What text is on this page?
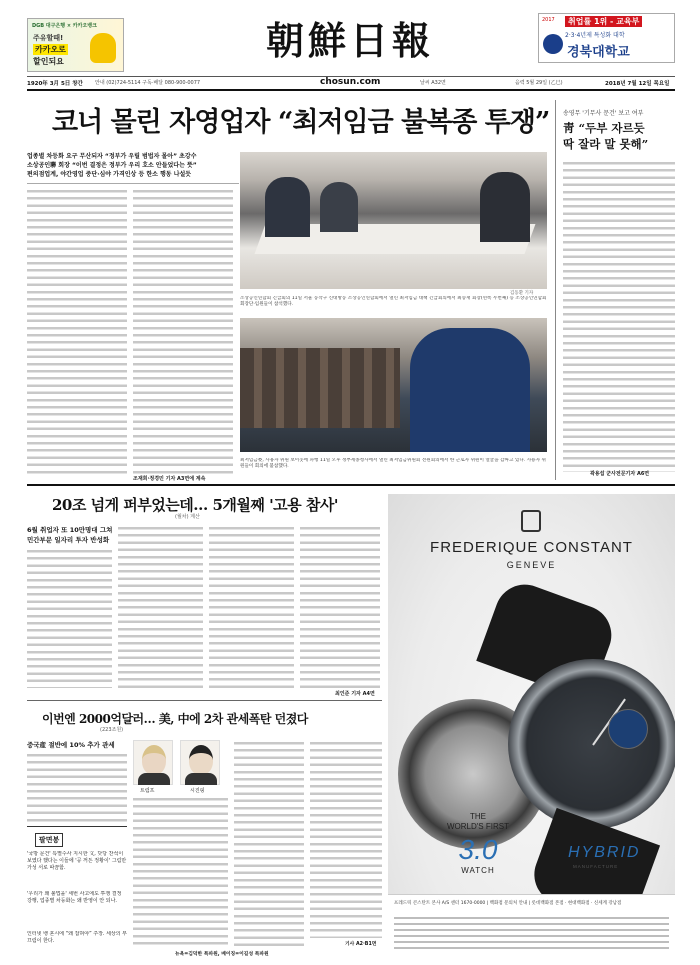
DGB 대구은행 × 카카오뱅크
주유할때!
카카오로
할인되요	朝鮮日報	2017	취업률 1위 - 교육부
2·3·4년제 특성화 대학
경북대학교
1920年 3月 5日 창간 안내 (02)724-5114 구독·배달 080-900-0077	chosun.com	날씨 A32면	음력 5월 29일 (乙巳)	2018년 7월 12일 목요일
코너 몰린 자영업자 “최저임금 불복종 투쟁”
업종별 차등화 요구 무산되자 “정부가 우릴 범법자 몰아” 초강수
소상공인聯 회장 “이번 결정은 정부가 우리 호소 안들었다는 뜻”
편의점업계, 야간영업 중단·심야 가격인상 등 한소 행동 나설듯
조재희·정경민 기자 A3면에 계속
김동환 기자
소상공인연합회 긴급회의 11일 서울 동작구 신대방동 소상공인연합회에서 열린 최저임금 대책 긴급회의에서 최승재 회장(왼쪽 두번째) 등 소상공인연합회 회장단·임원들이 참석했다.
최저임금委, 사용자 위원 보이콧에 파행 11일 오후 정부세종청사에서 열린 최저임금위원회 전원회의에서 한 근로자 위원이 얼굴을 감싸고 있다. 사용자 위원들이 회의에 불참했다.
송영무 '기무사 문건' 보고 여부
靑 “두부 자르듯
딱 잘라 말 못해”
곽용섭 군사전문기자 A6면
20조 넘게 퍼부었는데… 5개월째 '고용 참사'
(월차) 계산
6월 취업자 또 10만명대 그쳐
민간부문 일자리 투자 반성화
최인준 기자 A4면
이번엔 2000억달러… 美, 中에 2차 관세폭탄 던졌다
(223조원)
중국産 절반에 10% 추가 관세
트럼프	시진핑
뉴욕=김덕한 특파원, 베이징=이길성 특파원
기사 A2·B1면
팔면봉
'국방 문건' 특별수사 지시한 文, 닷당 찬석이 보였다 했다는 이들에 '공 꺼든 정황이' 그림만 가성 서로 따끔함.
'우리가 왜 불법을' 세번 사고에도 투쟁 결정 강행, 업종별 차등화는 왜 반영이 안 되나.
인터넷 뱅 혼시에 “왜 잡혀야” 주장. 세상의 부끄럼이 한다.
FREDERIQUE CONSTANT
GENEVE
THE
WORLD'S FIRST
3.0
WATCH
HYBRID
MANUFACTURE
프레드릭 콘스탄트 본사 A/S 센터 1670-0000 | 백화점 문의처 안내 | 롯데백화점 본점 · 현대백화점 · 신세계 강남점
